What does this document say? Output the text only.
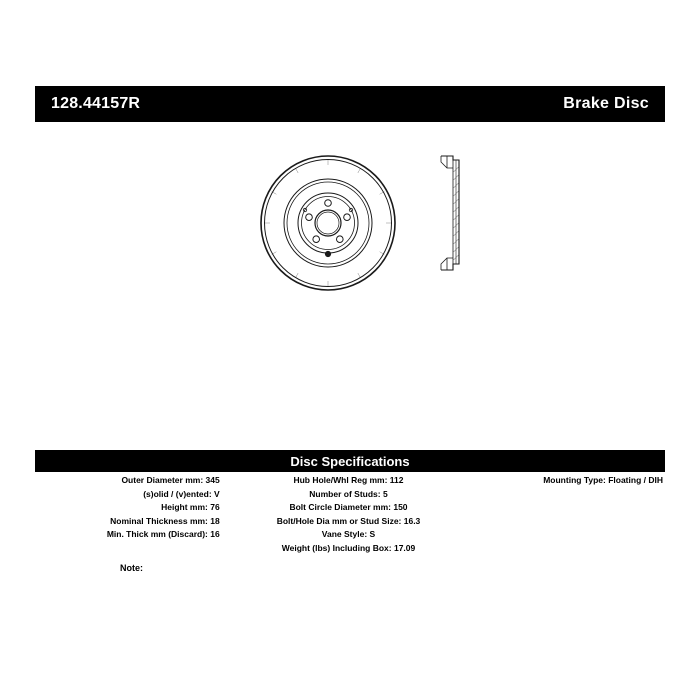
128.44157R	Brake Disc
Disc Specifications
Outer Diameter mm: 345
(s)olid / (v)ented: V
Height mm: 76
Nominal Thickness mm: 18
Min. Thick mm (Discard): 16
Hub Hole/Whl Reg mm: 112
Number of Studs: 5
Bolt Circle Diameter mm: 150
Bolt/Hole Dia mm or Stud Size: 16.3
Vane Style: S
Weight (lbs) Including Box: 17.09
Mounting Type: Floating / DIH
Note:
